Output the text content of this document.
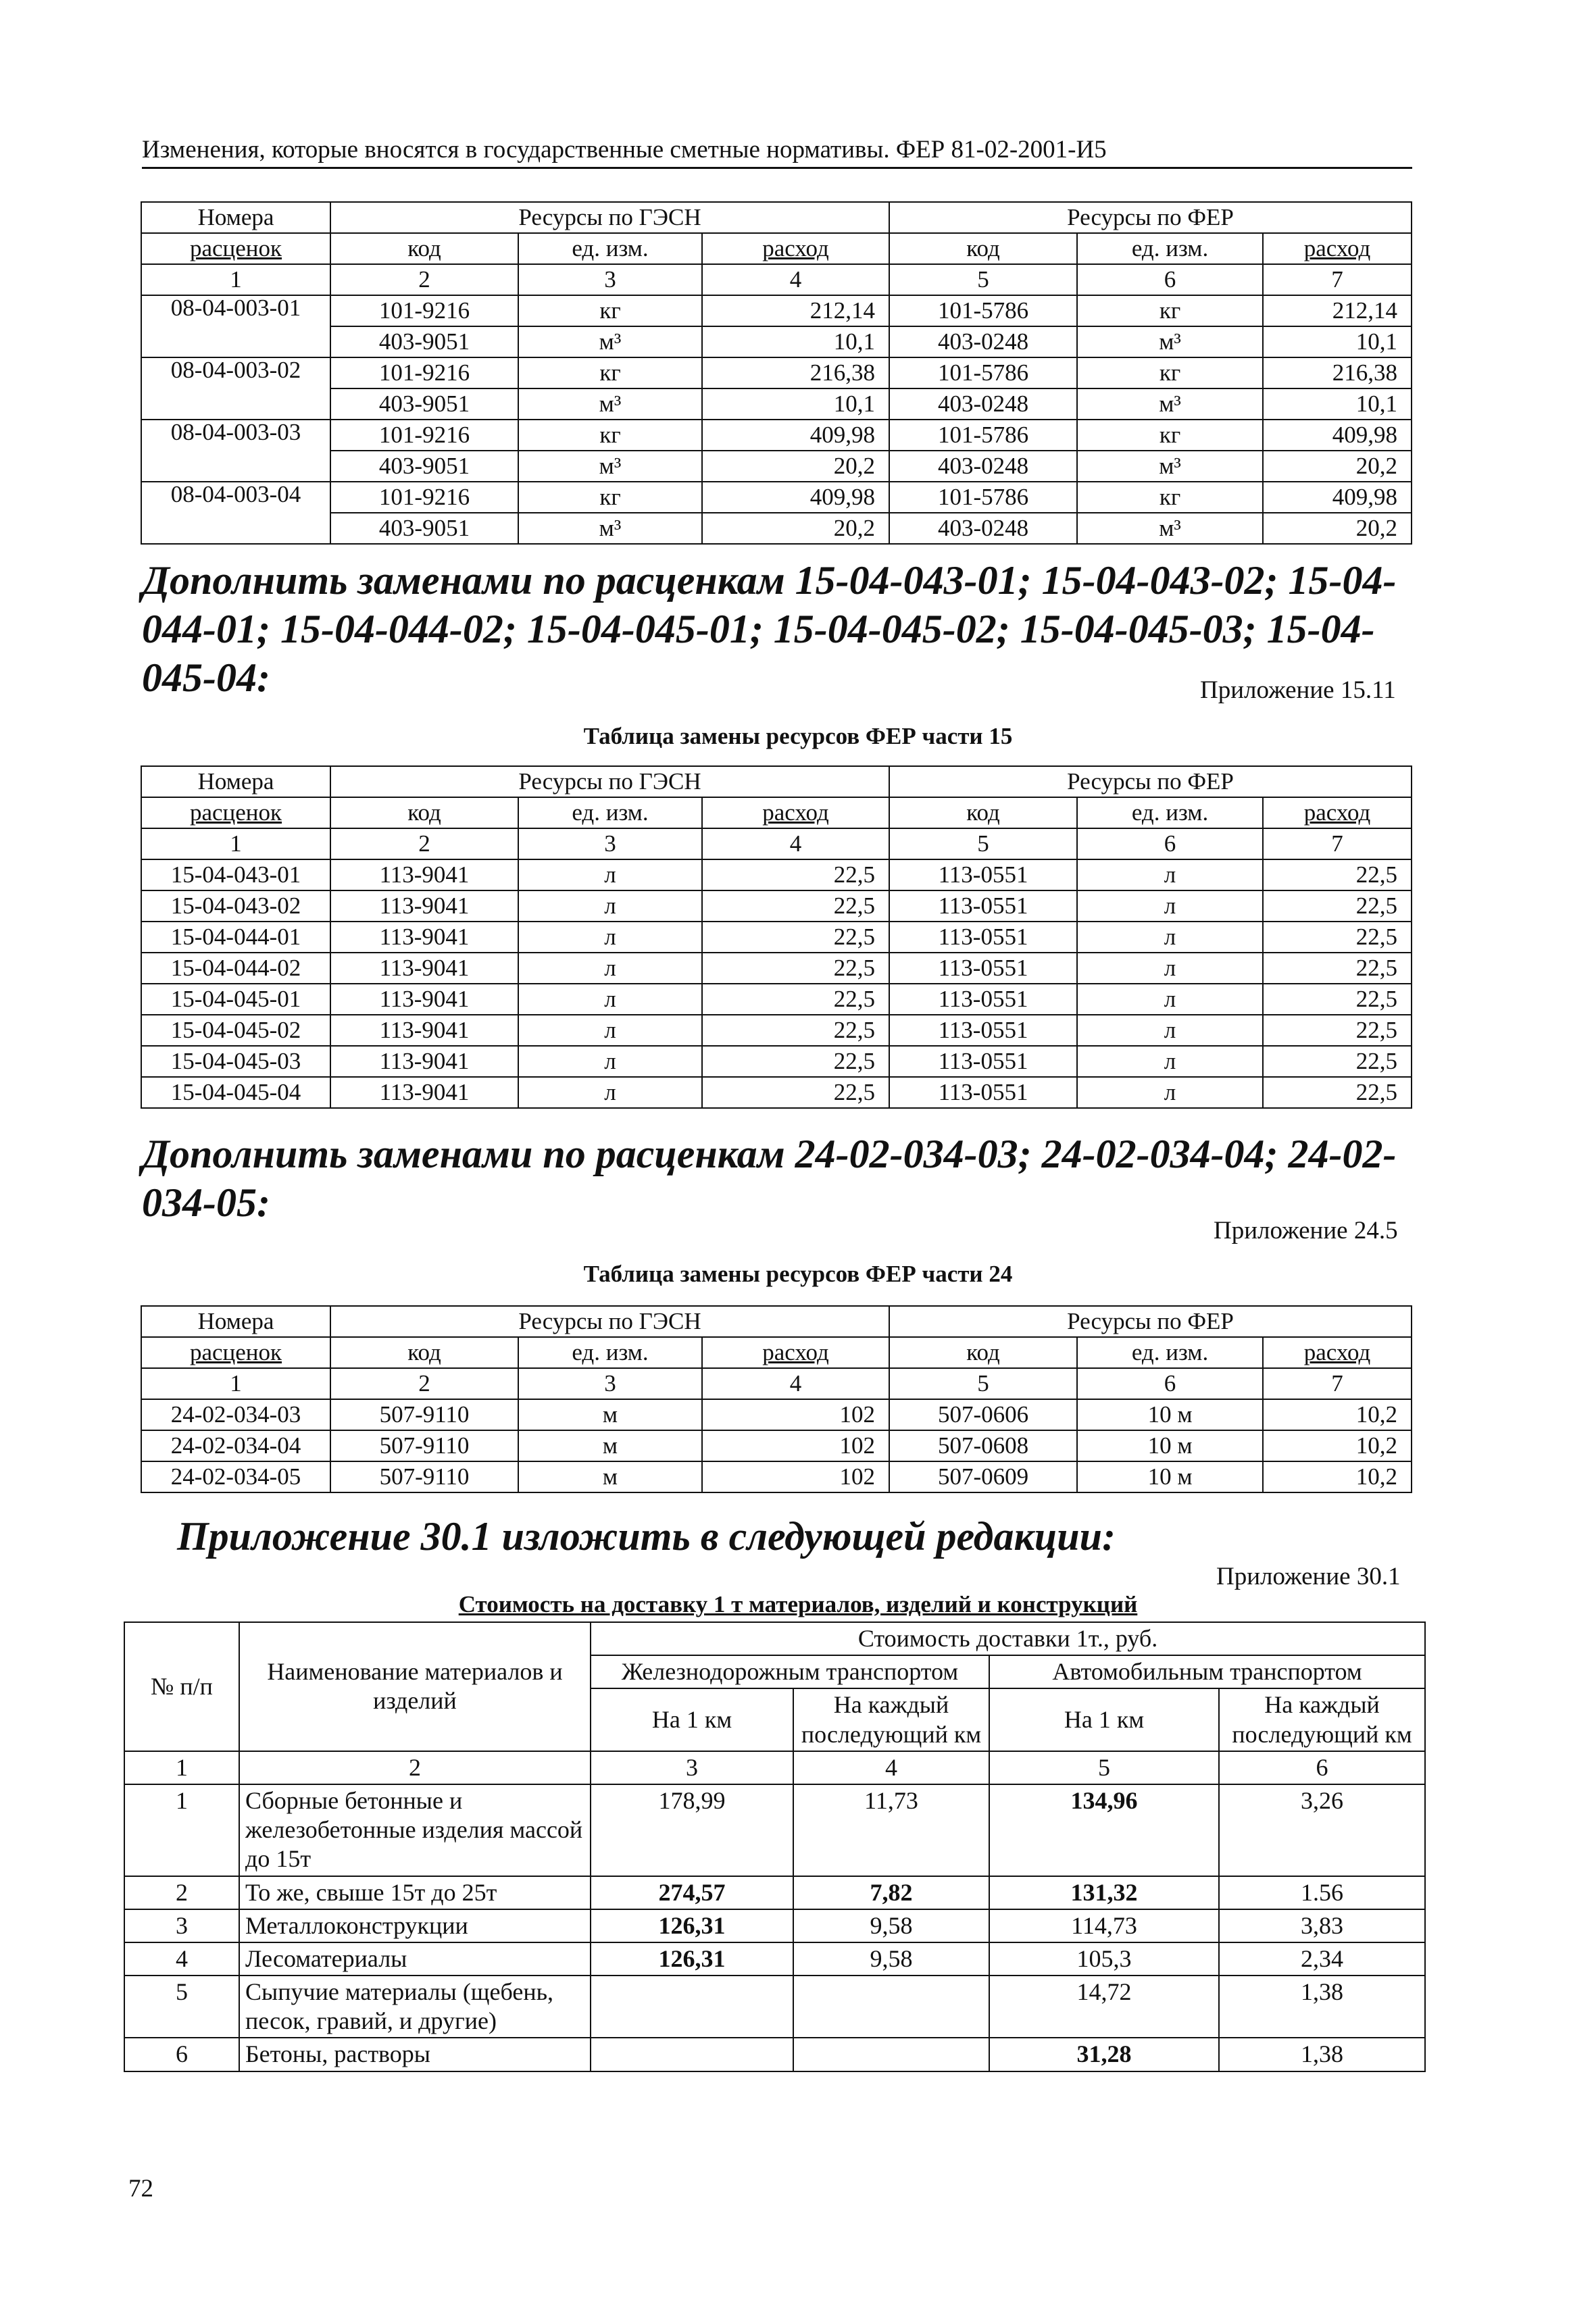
Изменения, которые вносятся в государственные сметные нормативы. ФЕР 81-02-2001-И5
Номера	Ресурсы по ГЭСН			Ресурсы по ФЕР		
расценок	код	ед. изм.	расход	код	ед. изм.	расход
1	2	3	4	5	6	7
08-04-003-01	101-9216	кг	212,14	101-5786	кг	212,14
	403-9051	м³	10,1	403-0248	м³	10,1
08-04-003-02	101-9216	кг	216,38	101-5786	кг	216,38
	403-9051	м³	10,1	403-0248	м³	10,1
08-04-003-03	101-9216	кг	409,98	101-5786	кг	409,98
	403-9051	м³	20,2	403-0248	м³	20,2
08-04-003-04	101-9216	кг	409,98	101-5786	кг	409,98
	403-9051	м³	20,2	403-0248	м³	20,2
Дополнить заменами по расценкам 15-04-043-01; 15-04-043-02; 15-04-044-01; 15-04-044-02; 15-04-045-01; 15-04-045-02; 15-04-045-03; 15-04-045-04:	Приложение 15.11
Таблица замены ресурсов ФЕР части 15
Номера	Ресурсы по ГЭСН			Ресурсы по ФЕР		
расценок	код	ед. изм.	расход	код	ед. изм.	расход
1	2	3	4	5	6	7
15-04-043-01	113-9041	л	22,5	113-0551	л	22,5
15-04-043-02	113-9041	л	22,5	113-0551	л	22,5
15-04-044-01	113-9041	л	22,5	113-0551	л	22,5
15-04-044-02	113-9041	л	22,5	113-0551	л	22,5
15-04-045-01	113-9041	л	22,5	113-0551	л	22,5
15-04-045-02	113-9041	л	22,5	113-0551	л	22,5
15-04-045-03	113-9041	л	22,5	113-0551	л	22,5
15-04-045-04	113-9041	л	22,5	113-0551	л	22,5
Дополнить заменами по расценкам 24-02-034-03; 24-02-034-04; 24-02-034-05:
Приложение 24.5
Таблица замены ресурсов ФЕР части 24
Номера	Ресурсы по ГЭСН			Ресурсы по ФЕР		
расценок	код	ед. изм.	расход	код	ед. изм.	расход
1	2	3	4	5	6	7
24-02-034-03	507-9110	м	102	507-0606	10 м	10,2
24-02-034-04	507-9110	м	102	507-0608	10 м	10,2
24-02-034-05	507-9110	м	102	507-0609	10 м	10,2
Приложение 30.1 изложить в следующей редакции:
Приложение 30.1
Стоимость на доставку 1 т материалов, изделий и конструкций
№ п/п	Наименование материалов и изделий	Стоимость доставки 1т., руб.			
		Железнодорожным транспортом		Автомобильным транспортом	
		На 1 км	На каждый последующий км	На 1 км	На каждый последующий км
1	2	3	4	5	6
1	Сборные бетонные и железобетонные изделия массой до 15т	178,99	11,73	134,96	3,26
2	То же, свыше 15т до 25т	274,57	7,82	131,32	1.56
3	Металлоконструкции	126,31	9,58	114,73	3,83
4	Лесоматериалы	126,31	9,58	105,3	2,34
5	Сыпучие материалы (щебень, песок, гравий, и другие)			14,72	1,38
6	Бетоны, растворы			31,28	1,38
72
